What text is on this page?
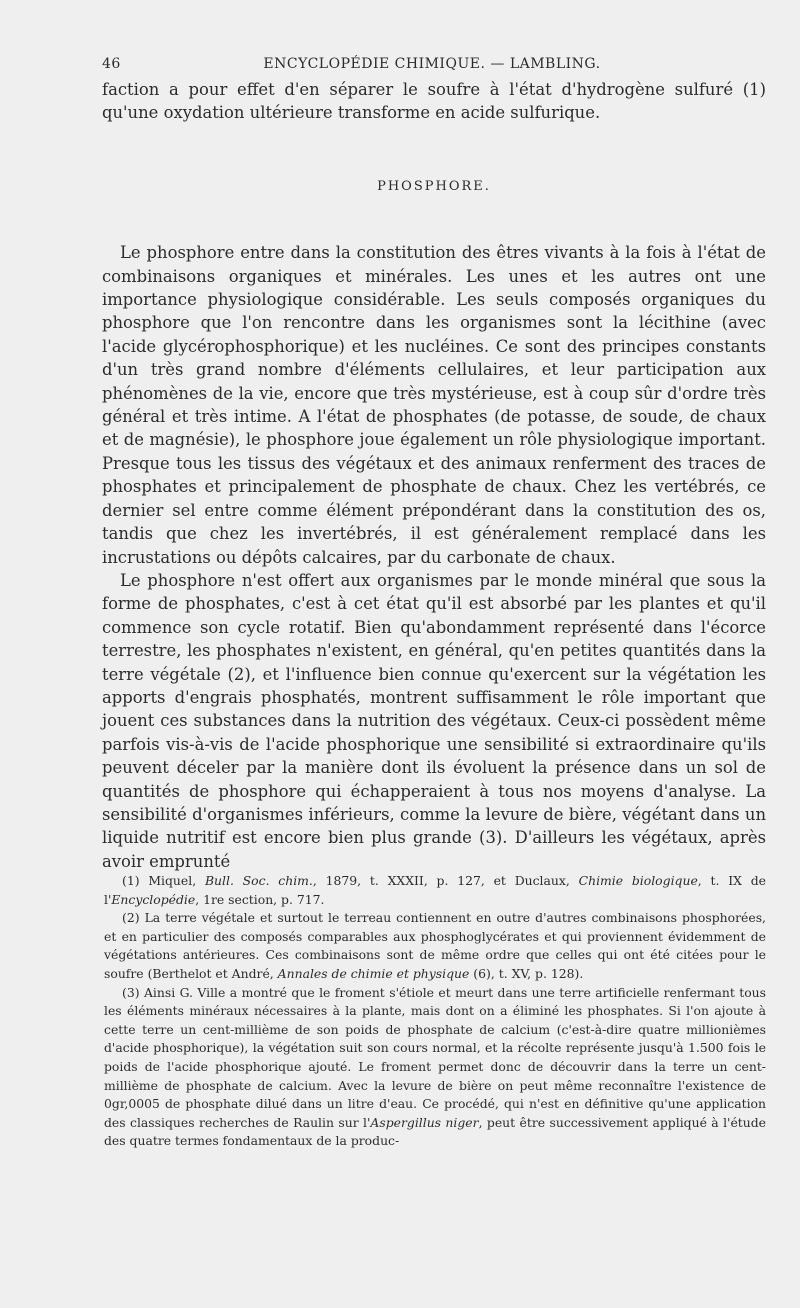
46	ENCYCLOPÉDIE CHIMIQUE. — LAMBLING.

faction a pour effet d'en séparer le soufre à l'état d'hydrogène sulfuré (1) qu'une oxydation ultérieure transforme en acide sulfurique.

PHOSPHORE.

Le phosphore entre dans la constitution des êtres vivants à la fois à l'état de combinaisons organiques et minérales. Les unes et les autres ont une importance physiologique considérable. Les seuls composés organiques du phosphore que l'on rencontre dans les organismes sont la lécithine (avec l'acide glycérophosphorique) et les nucléines. Ce sont des principes constants d'un très grand nombre d'éléments cellulaires, et leur participation aux phénomènes de la vie, encore que très mystérieuse, est à coup sûr d'ordre très général et très intime. A l'état de phosphates (de potasse, de soude, de chaux et de magnésie), le phosphore joue également un rôle physiologique important. Presque tous les tissus des végétaux et des animaux renferment des traces de phosphates et principalement de phosphate de chaux. Chez les vertébrés, ce dernier sel entre comme élément prépondérant dans la constitution des os, tandis que chez les invertébrés, il est généralement remplacé dans les incrustations ou dépôts calcaires, par du carbonate de chaux.

Le phosphore n'est offert aux organismes par le monde minéral que sous la forme de phosphates, c'est à cet état qu'il est absorbé par les plantes et qu'il commence son cycle rotatif. Bien qu'abondamment représenté dans l'écorce terrestre, les phosphates n'existent, en général, qu'en petites quantités dans la terre végétale (2), et l'influence bien connue qu'exercent sur la végétation les apports d'engrais phosphatés, montrent suffisamment le rôle important que jouent ces substances dans la nutrition des végétaux. Ceux-ci possèdent même parfois vis-à-vis de l'acide phosphorique une sensibilité si extraordinaire qu'ils peuvent déceler par la manière dont ils évoluent la présence dans un sol de quantités de phosphore qui échapperaient à tous nos moyens d'analyse. La sensibilité d'organismes inférieurs, comme la levure de bière, végétant dans un liquide nutritif est encore bien plus grande (3). D'ailleurs les végétaux, après avoir emprunté

(1) Miquel, Bull. Soc. chim., 1879, t. XXXII, p. 127, et Duclaux, Chimie biologique, t. IX de l'Encyclopédie, 1re section, p. 717.

(2) La terre végétale et surtout le terreau contiennent en outre d'autres combinaisons phosphorées, et en particulier des composés comparables aux phosphoglycérates et qui proviennent évidemment de végétations antérieures. Ces combinaisons sont de même ordre que celles qui ont été citées pour le soufre (Berthelot et André, Annales de chimie et physique (6), t. XV, p. 128).

(3) Ainsi G. Ville a montré que le froment s'étiole et meurt dans une terre artificielle renfermant tous les éléments minéraux nécessaires à la plante, mais dont on a éliminé les phosphates. Si l'on ajoute à cette terre un cent-millième de son poids de phosphate de calcium (c'est-à-dire quatre millionièmes d'acide phosphorique), la végétation suit son cours normal, et la récolte représente jusqu'à 1.500 fois le poids de l'acide phosphorique ajouté. Le froment permet donc de découvrir dans la terre un cent-millième de phosphate de calcium. Avec la levure de bière on peut même reconnaître l'existence de 0gr,0005 de phosphate dilué dans un litre d'eau. Ce procédé, qui n'est en définitive qu'une application des classiques recherches de Raulin sur l'Aspergillus niger, peut être successivement appliqué à l'étude des quatre termes fondamentaux de la produc-
